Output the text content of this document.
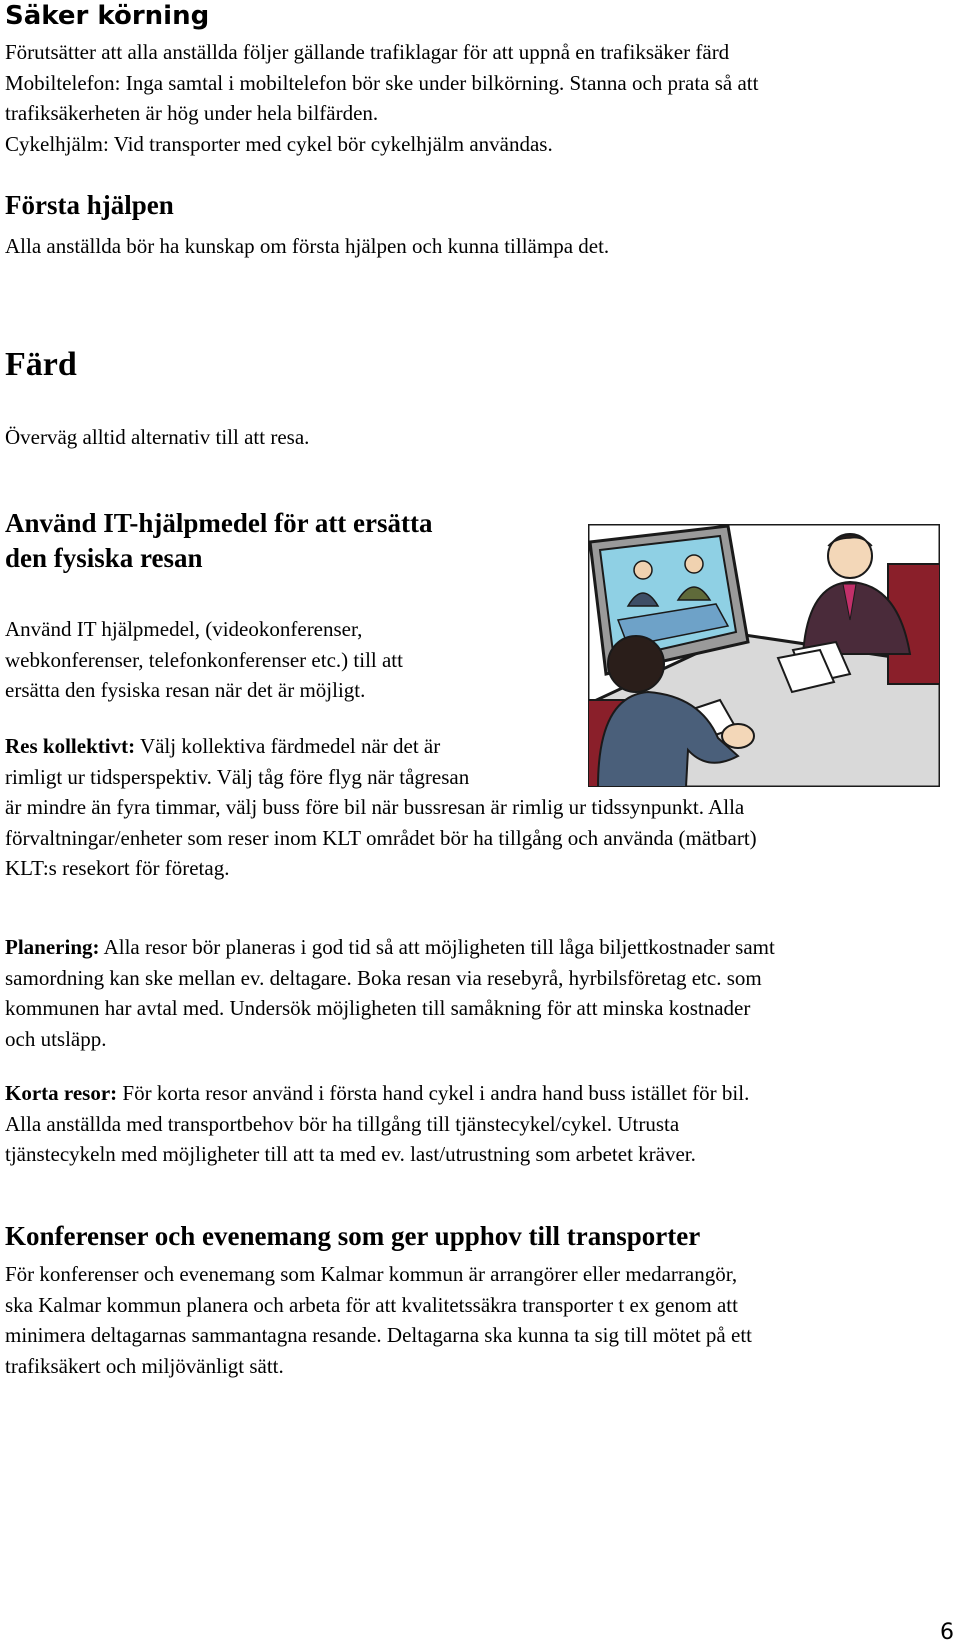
Säker körning

Förutsätter att alla anställda följer gällande trafiklagar för att uppnå en trafiksäker färd

Mobiltelefon: Inga samtal i mobiltelefon bör ske under bilkörning. Stanna och prata så att

trafiksäkerheten är hög under hela bilfärden.

Cykelhjälm: Vid transporter med cykel bör cykelhjälm användas.

Första hjälpen

Alla anställda bör ha kunskap om första hjälpen och kunna tillämpa det.

Färd

Överväg alltid alternativ till att resa.

Använd IT-hjälpmedel för att ersätta
den fysiska resan

Använd IT hjälpmedel, (videokonferenser,

webkonferenser, telefonkonferenser etc.) till att

ersätta den fysiska resan när det är möjligt.

Res kollektivt: Välj kollektiva färdmedel när det är

rimligt ur tidsperspektiv. Välj tåg före flyg när tågresan

är mindre än fyra timmar, välj buss före bil när bussresan är rimlig ur tidssynpunkt. Alla

förvaltningar/enheter som reser inom KLT området bör ha tillgång och använda (mätbart)

KLT:s resekort för företag.

Planering: Alla resor bör planeras i god tid så att möjligheten till låga biljettkostnader samt

samordning kan ske mellan ev. deltagare. Boka resan via resebyrå, hyrbilsföretag etc. som

kommunen har avtal med. Undersök möjligheten till samåkning för att minska kostnader

och utsläpp.

Korta resor: För korta resor använd i första hand cykel i andra hand buss istället för bil.

Alla anställda med transportbehov bör ha tillgång till tjänstecykel/cykel. Utrusta

tjänstecykeln med möjligheter till att ta med ev. last/utrustning som arbetet kräver.

Konferenser och evenemang som ger upphov till transporter

För konferenser och evenemang som Kalmar kommun är arrangörer eller medarrangör,

ska Kalmar kommun planera och arbeta för att kvalitetssäkra transporter t ex genom att

minimera deltagarnas sammantagna resande. Deltagarna ska kunna ta sig till mötet på ett

trafiksäkert och miljövänligt sätt.

6
